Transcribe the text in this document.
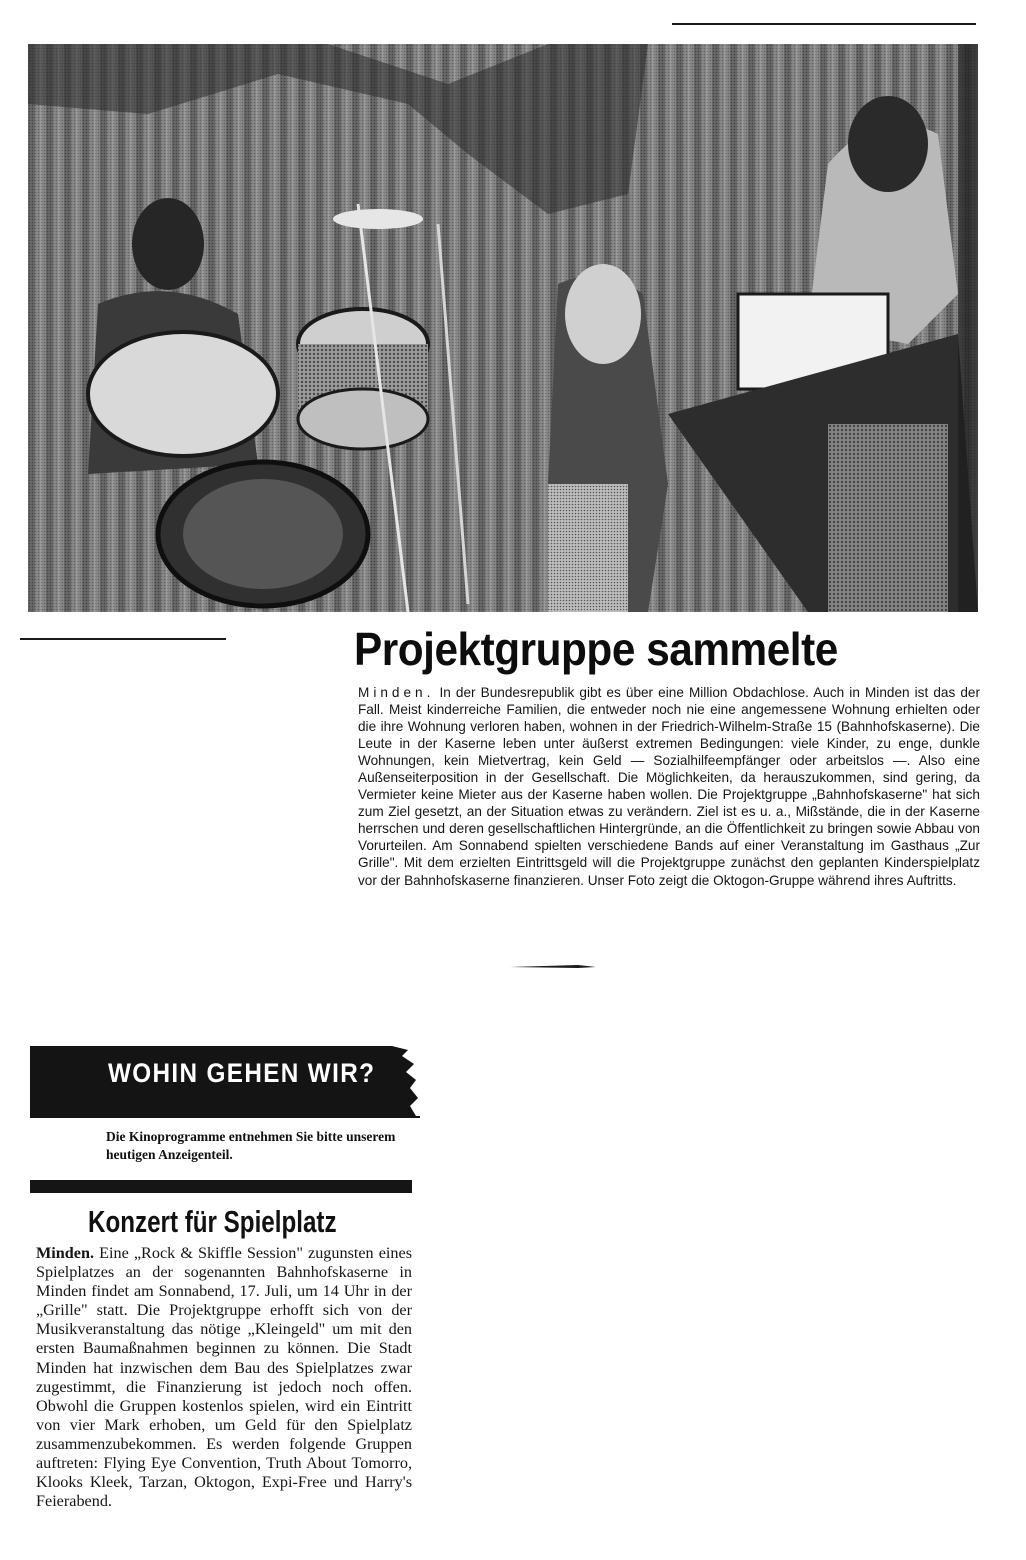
Projektgruppe sammelte

Minden. In der Bundesrepublik gibt es über eine Million Obdachlose. Auch in Minden ist das der Fall. Meist kinderreiche Familien, die entweder noch nie eine angemessene Wohnung erhielten oder die ihre Wohnung verloren haben, wohnen in der Friedrich-Wilhelm-Straße 15 (Bahnhofskaserne). Die Leute in der Kaserne leben unter äußerst extremen Bedingungen: viele Kinder, zu enge, dunkle Wohnungen, kein Mietvertrag, kein Geld — Sozialhilfeempfänger oder arbeitslos —. Also eine Außenseiterposition in der Gesellschaft. Die Möglichkeiten, da herauszukommen, sind gering, da Vermieter keine Mieter aus der Kaserne haben wollen. Die Projektgruppe „Bahnhofskaserne" hat sich zum Ziel gesetzt, an der Situation etwas zu verändern. Ziel ist es u. a., Mißstände, die in der Kaserne herrschen und deren gesellschaftlichen Hintergründe, an die Öffentlichkeit zu bringen sowie Abbau von Vorurteilen. Am Sonnabend spielten verschiedene Bands auf einer Veranstaltung im Gasthaus „Zur Grille". Mit dem erzielten Eintrittsgeld will die Projektgruppe zunächst den geplanten Kinderspielplatz vor der Bahnhofskaserne finanzieren. Unser Foto zeigt die Oktogon-Gruppe während ihres Auftritts.

WOHIN GEHEN WIR?

Die Kinoprogramme entnehmen Sie bitte unserem heutigen Anzeigenteil.

Konzert für Spielplatz

Minden. Eine „Rock & Skiffle Session" zugunsten eines Spielplatzes an der sogenannten Bahnhofskaserne in Minden findet am Sonnabend, 17. Juli, um 14 Uhr in der „Grille" statt. Die Projektgruppe erhofft sich von der Musikveranstaltung das nötige „Kleingeld" um mit den ersten Baumaßnahmen beginnen zu können. Die Stadt Minden hat inzwischen dem Bau des Spielplatzes zwar zugestimmt, die Finanzierung ist jedoch noch offen. Obwohl die Gruppen kostenlos spielen, wird ein Eintritt von vier Mark erhoben, um Geld für den Spielplatz zusammenzubekommen. Es werden folgende Gruppen auftreten: Flying Eye Convention, Truth About Tomorro, Klooks Kleek, Tarzan, Oktogon, Expi-Free und Harry's Feierabend.
